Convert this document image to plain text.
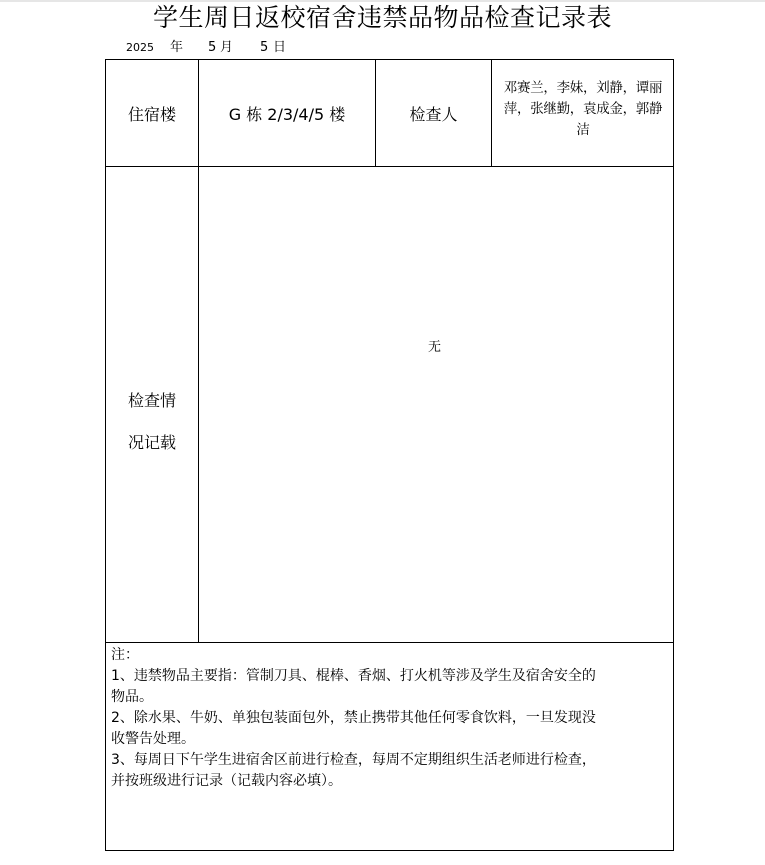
学生周日返校宿舍违禁品物品检查记录表
2025 年 5 月 5 日
住宿楼	G 栋 2/3/4/5 楼	检查人
邓赛兰，李妹，刘静，谭丽
萍，张继勤，袁成金，郭静
洁
检查情
况记载
无
注：
1、违禁物品主要指：管制刀具、棍棒、香烟、打火机等涉及学生及宿舍安全的
物品。
2、除水果、牛奶、单独包装面包外，禁止携带其他任何零食饮料，一旦发现没
收警告处理。
3、每周日下午学生进宿舍区前进行检查，每周不定期组织生活老师进行检查，
并按班级进行记录（记载内容必填）。
